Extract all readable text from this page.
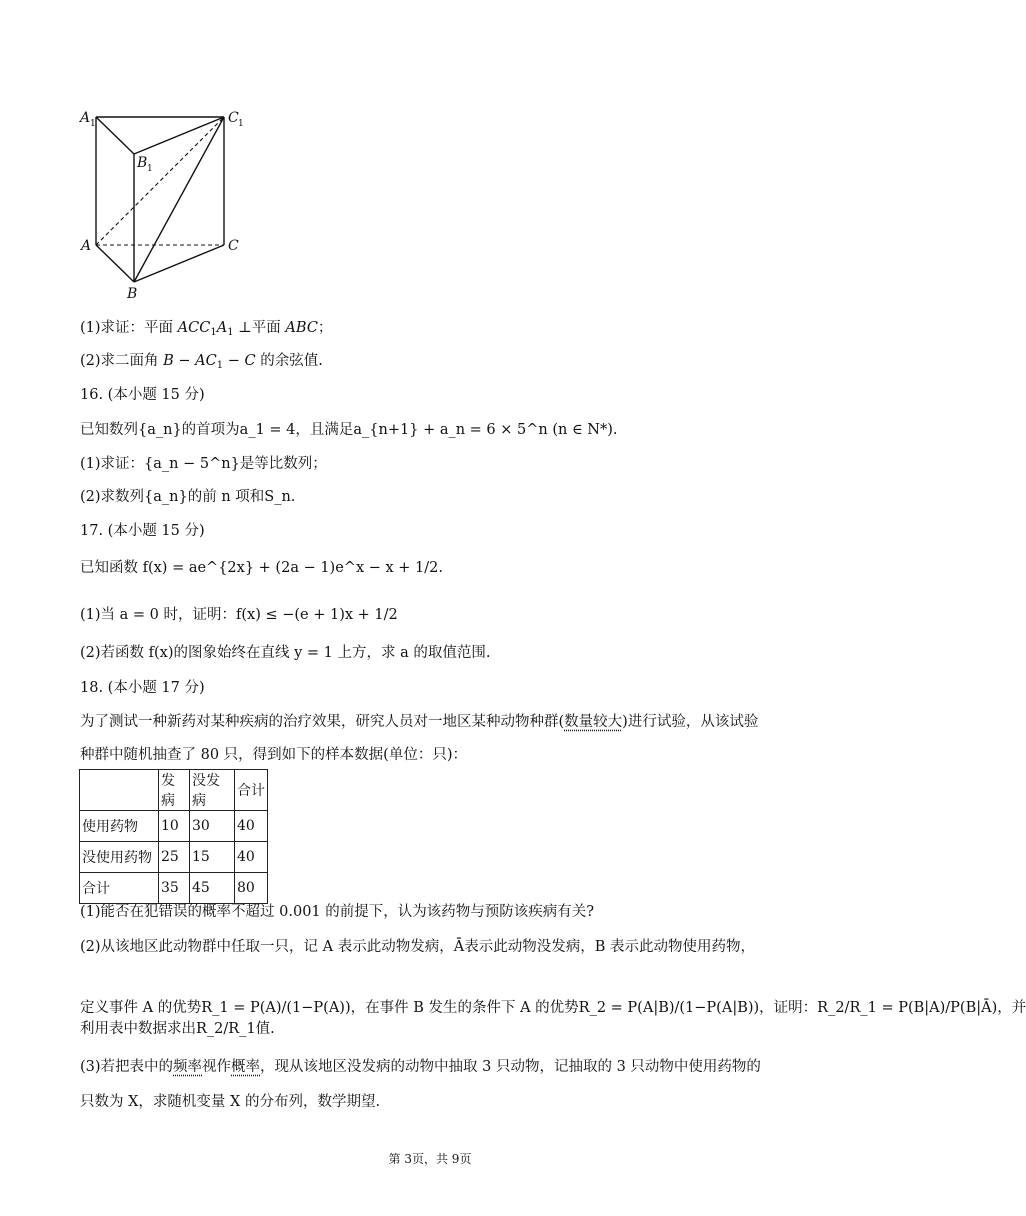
A 1	C 1
B 1
A	C
B
(1)求证：平面 $ACC_1A_1$ ⊥平面 ABC；
(2)求二面角 $B - AC_1 - C$ 的余弦值.
16. (本小题 15 分)
已知数列{a_n}的首项为a_1 = 4，且满足a_{n+1} + a_n = 6 × 5^n (n ∈ N*).
(1)求证：{a_n − 5^n}是等比数列；
(2)求数列{a_n}的前 n 项和S_n.
17. (本小题 15 分)
已知函数 f(x) = ae^{2x} + (2a − 1)e^x − x + 1/2.
(1)当 a = 0 时，证明：f(x) ≤ −(e + 1)x + 1/2
(2)若函数 f(x)的图象始终在直线 y = 1 上方，求 a 的取值范围.
18. (本小题 17 分)
为了测试一种新药对某种疾病的治疗效果，研究人员对一地区某种动物种群(数量较大)进行试验，从该试验
种群中随机抽查了 80 只，得到如下的样本数据(单位：只)：
	发病	没发病	合计
使用药物	10	30	40
没使用药物	25	15	40
合计	35	45	80
(1)能否在犯错误的概率不超过 0.001 的前提下，认为该药物与预防该疾病有关?
(2)从该地区此动物群中任取一只，记 A 表示此动物发病，Ā表示此动物没发病，B 表示此动物使用药物，
定义事件 A 的优势R_1 = P(A)/(1−P(A))，在事件 B 发生的条件下 A 的优势R_2 = P(A|B)/(1−P(A|B))，证明：R_2/R_1 = P(B|A)/P(B|Ā)，并
利用表中数据求出R_2/R_1值.
(3)若把表中的频率视作概率，现从该地区没发病的动物中抽取 3 只动物，记抽取的 3 只动物中使用药物的
只数为 X，求随机变量 X 的分布列，数学期望.
第 3页，共 9页
